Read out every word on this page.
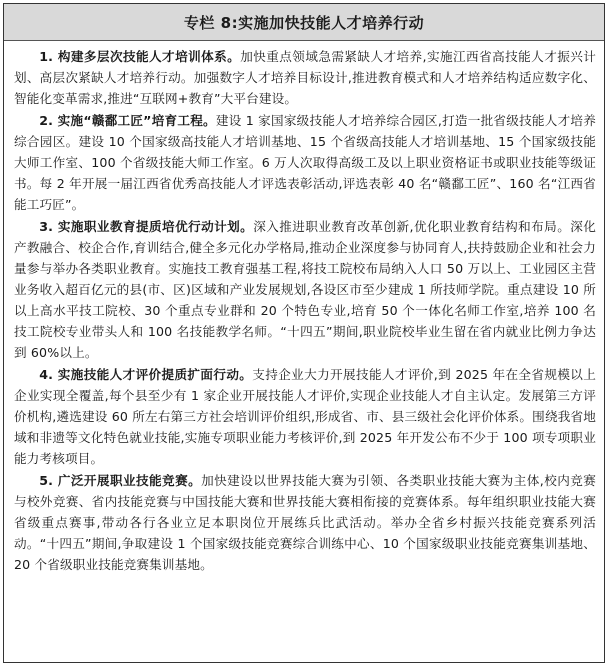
专栏 8:实施加快技能人才培养行动

1. 构建多层次技能人才培训体系。加快重点领域急需紧缺人才培养,实施江西省高技能人才振兴计划、高层次紧缺人才培养行动。加强数字人才培养目标设计,推进教育模式和人才培养结构适应数字化、智能化变革需求,推进“互联网+教育”大平台建设。

2. 实施“赣鄱工匠”培育工程。建设 1 家国家级技能人才培养综合园区,打造一批省级技能人才培养综合园区。建设 10 个国家级高技能人才培训基地、15 个省级高技能人才培训基地、15 个国家级技能大师工作室、100 个省级技能大师工作室。6 万人次取得高级工及以上职业资格证书或职业技能等级证书。每 2 年开展一届江西省优秀高技能人才评选表彰活动,评选表彰 40 名“赣鄱工匠”、160 名“江西省能工巧匠”。

3. 实施职业教育提质培优行动计划。深入推进职业教育改革创新,优化职业教育结构和布局。深化产教融合、校企合作,育训结合,健全多元化办学格局,推动企业深度参与协同育人,扶持鼓励企业和社会力量参与举办各类职业教育。实施技工教育强基工程,将技工院校布局纳入人口 50 万以上、工业园区主营业务收入超百亿元的县(市、区)区域和产业发展规划,各设区市至少建成 1 所技师学院。重点建设 10 所以上高水平技工院校、30 个重点专业群和 20 个特色专业,培育 50 个一体化名师工作室,培养 100 名技工院校专业带头人和 100 名技能教学名师。“十四五”期间,职业院校毕业生留在省内就业比例力争达到 60%以上。

4. 实施技能人才评价提质扩面行动。支持企业大力开展技能人才评价,到 2025 年在全省规模以上企业实现全覆盖,每个县至少有 1 家企业开展技能人才评价,实现企业技能人才自主认定。发展第三方评价机构,遴选建设 60 所左右第三方社会培训评价组织,形成省、市、县三级社会化评价体系。围绕我省地域和非遗等文化特色就业技能,实施专项职业能力考核评价,到 2025 年开发公布不少于 100 项专项职业能力考核项目。

5. 广泛开展职业技能竞赛。加快建设以世界技能大赛为引领、各类职业技能大赛为主体,校内竞赛与校外竞赛、省内技能竞赛与中国技能大赛和世界技能大赛相衔接的竞赛体系。每年组织职业技能大赛省级重点赛事,带动各行各业立足本职岗位开展练兵比武活动。举办全省乡村振兴技能竞赛系列活动。“十四五”期间,争取建设 1 个国家级技能竞赛综合训练中心、10 个国家级职业技能竞赛集训基地、20 个省级职业技能竞赛集训基地。
